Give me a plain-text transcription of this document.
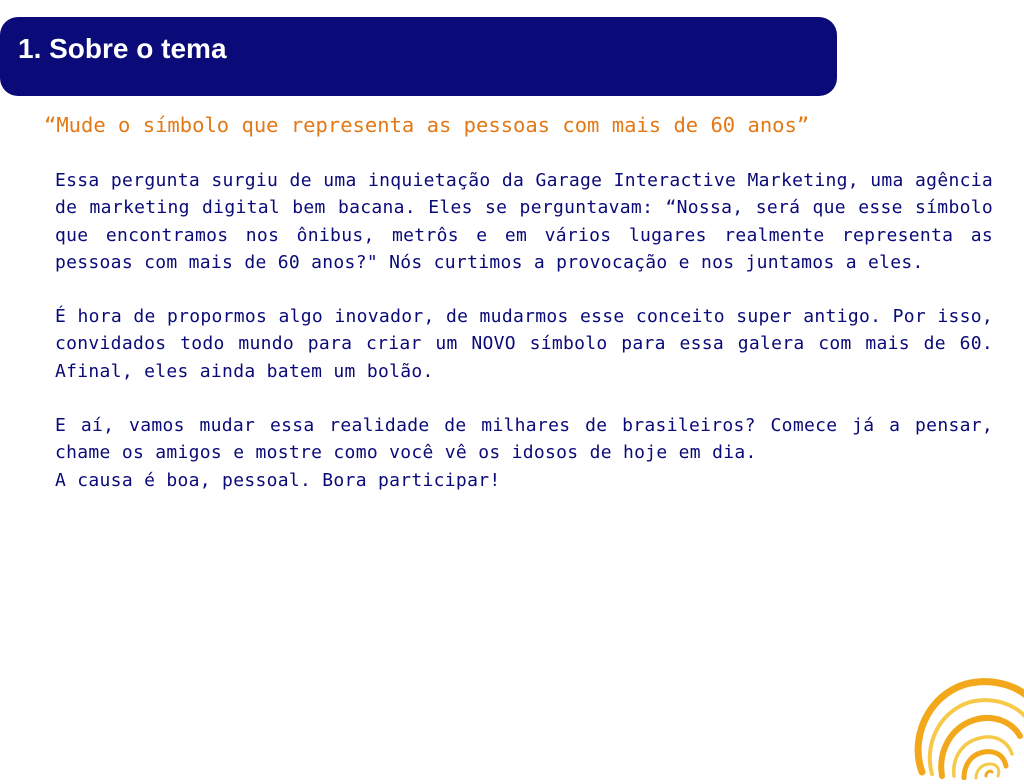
1. Sobre o tema

“Mude o símbolo que representa as pessoas com mais de 60 anos”

Essa pergunta surgiu de uma inquietação da Garage Interactive Marketing, uma agência de marketing digital bem bacana. Eles se perguntavam: “Nossa, será que esse símbolo que encontramos nos ônibus, metrôs e em vários lugares realmente representa as pessoas com mais de 60 anos?" Nós curtimos a provocação e nos juntamos a eles.

É hora de propormos algo inovador, de mudarmos esse conceito super antigo. Por isso, convidados todo mundo para criar um NOVO símbolo para essa galera com mais de 60. Afinal, eles ainda batem um bolão.

E aí, vamos mudar essa realidade de milhares de brasileiros? Comece já a pensar, chame os amigos e mostre como você vê os idosos de hoje em dia.

A causa é boa, pessoal. Bora participar!
